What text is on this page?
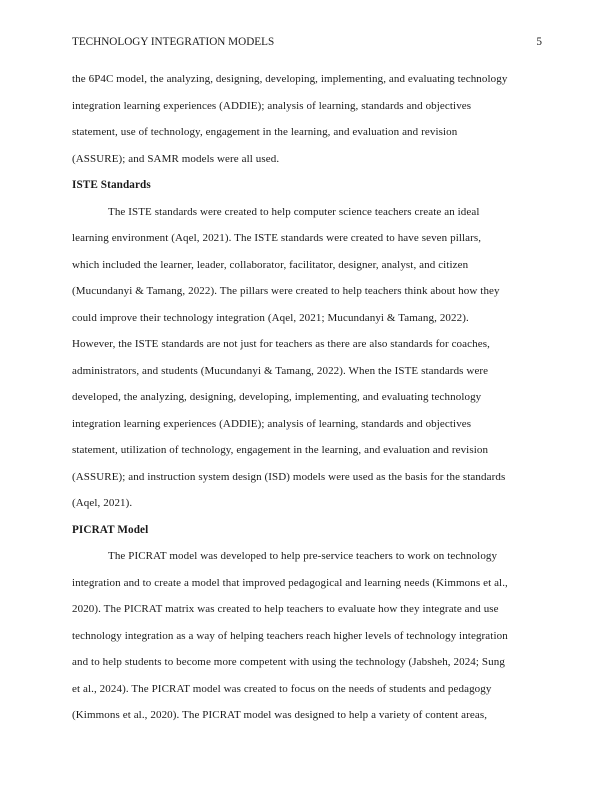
TECHNOLOGY INTEGRATION MODELS	5
the 6P4C model, the analyzing, designing, developing, implementing, and evaluating technology
integration learning experiences (ADDIE); analysis of learning, standards and objectives
statement, use of technology, engagement in the learning, and evaluation and revision
(ASSURE); and SAMR models were all used.
ISTE Standards
The ISTE standards were created to help computer science teachers create an ideal
learning environment (Aqel, 2021). The ISTE standards were created to have seven pillars,
which included the learner, leader, collaborator, facilitator, designer, analyst, and citizen
(Mucundanyi & Tamang, 2022). The pillars were created to help teachers think about how they
could improve their technology integration (Aqel, 2021; Mucundanyi & Tamang, 2022).
However, the ISTE standards are not just for teachers as there are also standards for coaches,
administrators, and students (Mucundanyi & Tamang, 2022). When the ISTE standards were
developed, the analyzing, designing, developing, implementing, and evaluating technology
integration learning experiences (ADDIE); analysis of learning, standards and objectives
statement, utilization of technology, engagement in the learning, and evaluation and revision
(ASSURE); and instruction system design (ISD) models were used as the basis for the standards
(Aqel, 2021).
PICRAT Model
The PICRAT model was developed to help pre-service teachers to work on technology
integration and to create a model that improved pedagogical and learning needs (Kimmons et al.,
2020). The PICRAT matrix was created to help teachers to evaluate how they integrate and use
technology integration as a way of helping teachers reach higher levels of technology integration
and to help students to become more competent with using the technology (Jabsheh, 2024; Sung
et al., 2024). The PICRAT model was created to focus on the needs of students and pedagogy
(Kimmons et al., 2020). The PICRAT model was designed to help a variety of content areas,
